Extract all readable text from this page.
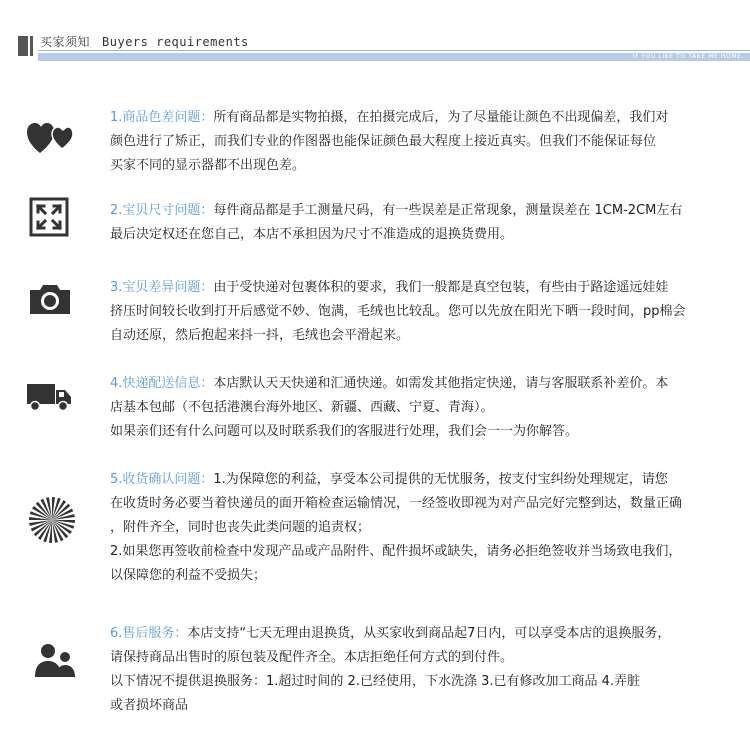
买家须知 Buyers requirements
IF YOU LIKE TO TAKE ME HOME.

1.商品色差问题：所有商品都是实物拍摄，在拍摄完成后，为了尽量能让颜色不出现偏差，我们对

颜色进行了矫正，而我们专业的作图器也能保证颜色最大程度上接近真实。但我们不能保证每位

买家不同的显示器都不出现色差。

2.宝贝尺寸问题：每件商品都是手工测量尺码，有一些误差是正常现象，测量误差在 1CM-2CM左右

最后决定权还在您自己，本店不承担因为尺寸不准造成的退换货费用。

3.宝贝差异问题：由于受快递对包裹体积的要求，我们一般都是真空包装，有些由于路途遥远娃娃

挤压时间较长收到打开后感觉不妙、饱满，毛绒也比较乱。您可以先放在阳光下晒一段时间，pp棉会

自动还原，然后抱起来抖一抖，毛绒也会平滑起来。

4.快递配送信息：本店默认天天快递和汇通快递。如需发其他指定快递，请与客服联系补差价。本

店基本包邮（不包括港澳台海外地区、新疆、西藏、宁夏、青海）。

如果亲们还有什么问题可以及时联系我们的客服进行处理，我们会一一为你解答。

5.收货确认问题：1.为保障您的利益，享受本公司提供的无忧服务，按支付宝纠纷处理规定，请您

在收货时务必要当着快递员的面开箱检查运输情况，一经签收即视为对产品完好完整到达，数量正确

，附件齐全，同时也丧失此类问题的追责权；

2.如果您再签收前检查中发现产品或产品附件、配件损坏或缺失，请务必拒绝签收并当场致电我们，

以保障您的利益不受损失；

6.售后服务：本店支持“七天无理由退换货，从买家收到商品起7日内，可以享受本店的退换服务，

请保持商品出售时的原包装及配件齐全。本店拒绝任何方式的到付件。

以下情况不提供退换服务：1.超过时间的 2.已经使用，下水洗涤 3.已有修改加工商品 4.弄脏

或者损坏商品
